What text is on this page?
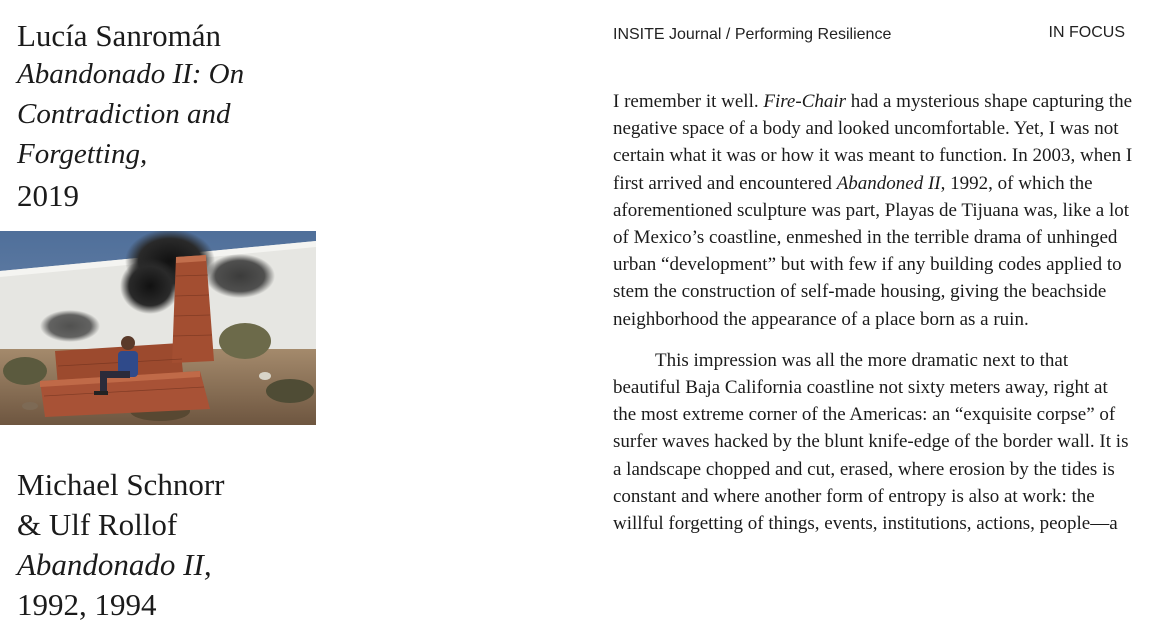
Lucía Sanromán
Abandonado II: On Contradiction and Forgetting,
2019
Michael Schnorr
& Ulf Rollof
Abandonado II,
1992, 1994
INSITE Journal / Performing Resilience	IN FOCUS

I remember it well. Fire-Chair had a mysterious shape capturing the negative space of a body and looked uncomfortable. Yet, I was not certain what it was or how it was meant to function. In 2003, when I first arrived and encountered Abandoned II, 1992, of which the aforementioned sculpture was part, Playas de Tijuana was, like a lot of Mexico’s coastline, enmeshed in the terrible drama of unhinged urban “development” but with few if any building codes applied to stem the construction of self-made housing, giving the beachside neighborhood the appearance of a place born as a ruin.

This impression was all the more dramatic next to that beautiful Baja California coastline not sixty meters away, right at the most extreme corner of the Americas: an “exquisite corpse” of surfer waves hacked by the blunt knife-edge of the border wall. It is a landscape chopped and cut, erased, where erosion by the tides is constant and where another form of entropy is also at work: the willful forgetting of things, events, institutions, actions, people—a
